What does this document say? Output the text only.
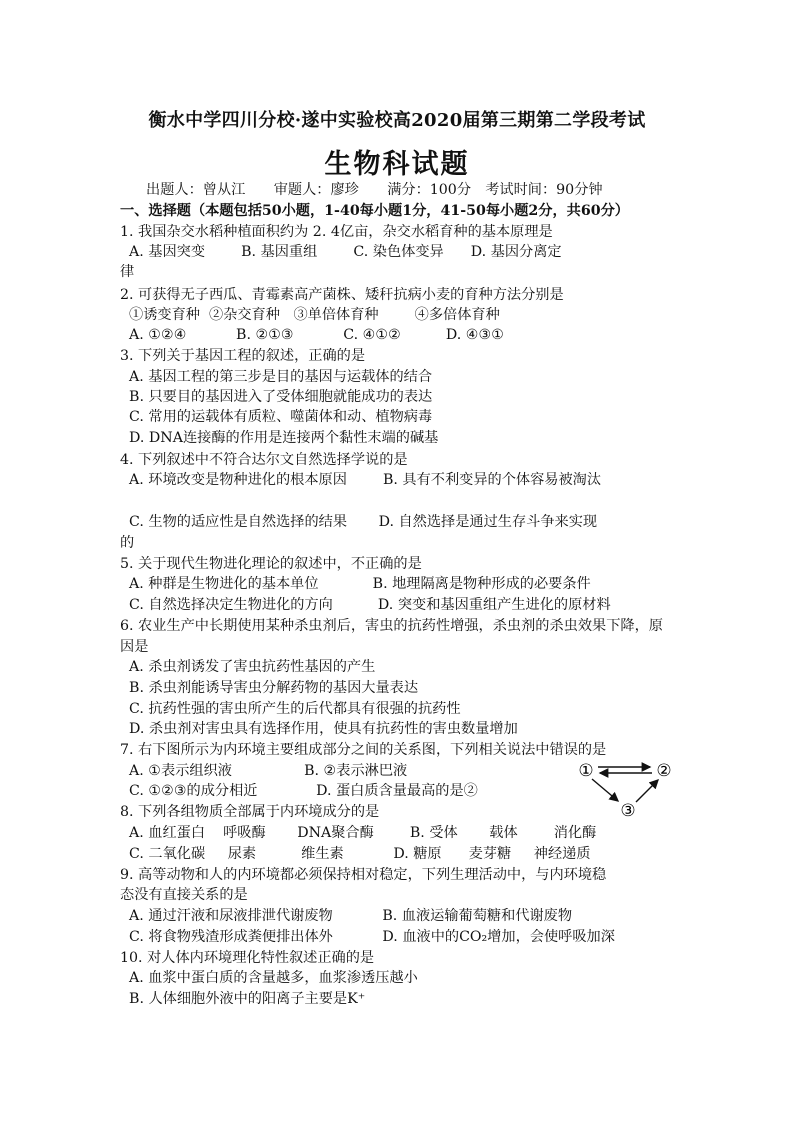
衡水中学四川分校·遂中实验校高2020届第三期第二学段考试
生物科试题
出题人：曾从江　　审题人：廖珍　　满分：100分　考试时间：90分钟
一、选择题（本题包括50小题，1-40每小题1分，41-50每小题2分，共60分）
1. 我国杂交水稻种植面积约为 2. 4亿亩，杂交水稻育种的基本原理是
A. 基因突变        B. 基因重组        C. 染色体变异      D. 基因分离定
律
2. 可获得无子西瓜、青霉素高产菌株、矮秆抗病小麦的育种方法分别是
①诱变育种  ②杂交育种   ③单倍体育种        ④多倍体育种
A. ①②④           B. ②①③           C. ④①②          D. ④③①
3. 下列关于基因工程的叙述，正确的是
A. 基因工程的第三步是目的基因与运载体的结合
B. 只要目的基因进入了受体细胞就能成功的表达
C. 常用的运载体有质粒、噬菌体和动、植物病毒
D. DNA连接酶的作用是连接两个黏性末端的碱基
4. 下列叙述中不符合达尔文自然选择学说的是
A. 环境改变是物种进化的根本原因        B. 具有不利变异的个体容易被淘汰
C. 生物的适应性是自然选择的结果       D. 自然选择是通过生存斗争来实现
的
5. 关于现代生物进化理论的叙述中，不正确的是
A. 种群是生物进化的基本单位            B. 地理隔离是物种形成的必要条件
C. 自然选择决定生物进化的方向          D. 突变和基因重组产生进化的原材料
6. 农业生产中长期使用某种杀虫剂后，害虫的抗药性增强，杀虫剂的杀虫效果下降，原
因是
A. 杀虫剂诱发了害虫抗药性基因的产生
B. 杀虫剂能诱导害虫分解药物的基因大量表达
C. 抗药性强的害虫所产生的后代都具有很强的抗药性
D. 杀虫剂对害虫具有选择作用，使具有抗药性的害虫数量增加
7. 右下图所示为内环境主要组成部分之间的关系图，下列相关说法中错误的是
A. ①表示组织液                B. ②表示淋巴液
C. ①②③的成分相近             D. 蛋白质含量最高的是②
8. 下列各组物质全部属于内环境成分的是
A. 血红蛋白    呼吸酶       DNA聚合酶        B. 受体       载体        消化酶
C. 二氧化碳     尿素          维生素           D. 糖原      麦芽糖     神经递质
9. 高等动物和人的内环境都必须保持相对稳定，下列生理活动中，与内环境稳
态没有直接关系的是
A. 通过汗液和尿液排泄代谢废物           B. 血液运输葡萄糖和代谢废物
C. 将食物残渣形成粪便排出体外           D. 血液中的CO₂增加，会使呼吸加深
10. 对人体内环境理化特性叙述正确的是
A. 血浆中蛋白质的含量越多，血浆渗透压越小
B. 人体细胞外液中的阳离子主要是K⁺
①	②
③
